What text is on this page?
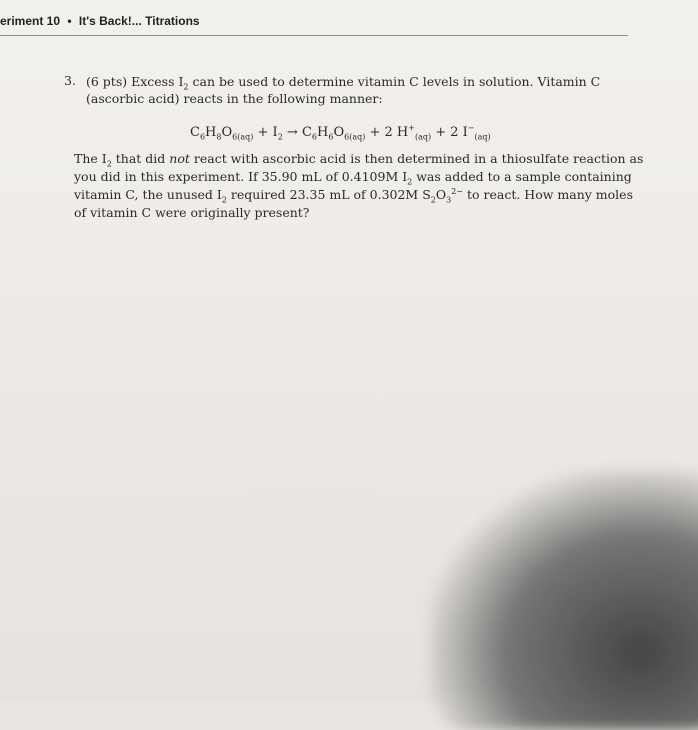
eriment 10 • It's Back!... Titrations
3. (6 pts) Excess $I_2$ can be used to determine vitamin C levels in solution. Vitamin C (ascorbic acid) reacts in the following manner:
$C_6H_8O_{6(aq)} + I_2 \to C_6H_6O_{6(aq)} + 2$ $H^+_{(aq)} + 2$ $I^-_{(aq)}$
The $I_2$ that did not react with ascorbic acid is then determined in a thiosulfate reaction as you did in this experiment. If 35.90 mL of 0.4109M $I_2$ was added to a sample containing vitamin C, the unused $I_2$ required 23.35 mL of 0.302M $S_2O_3^{2-}$ to react. How many moles of vitamin C were originally present?
